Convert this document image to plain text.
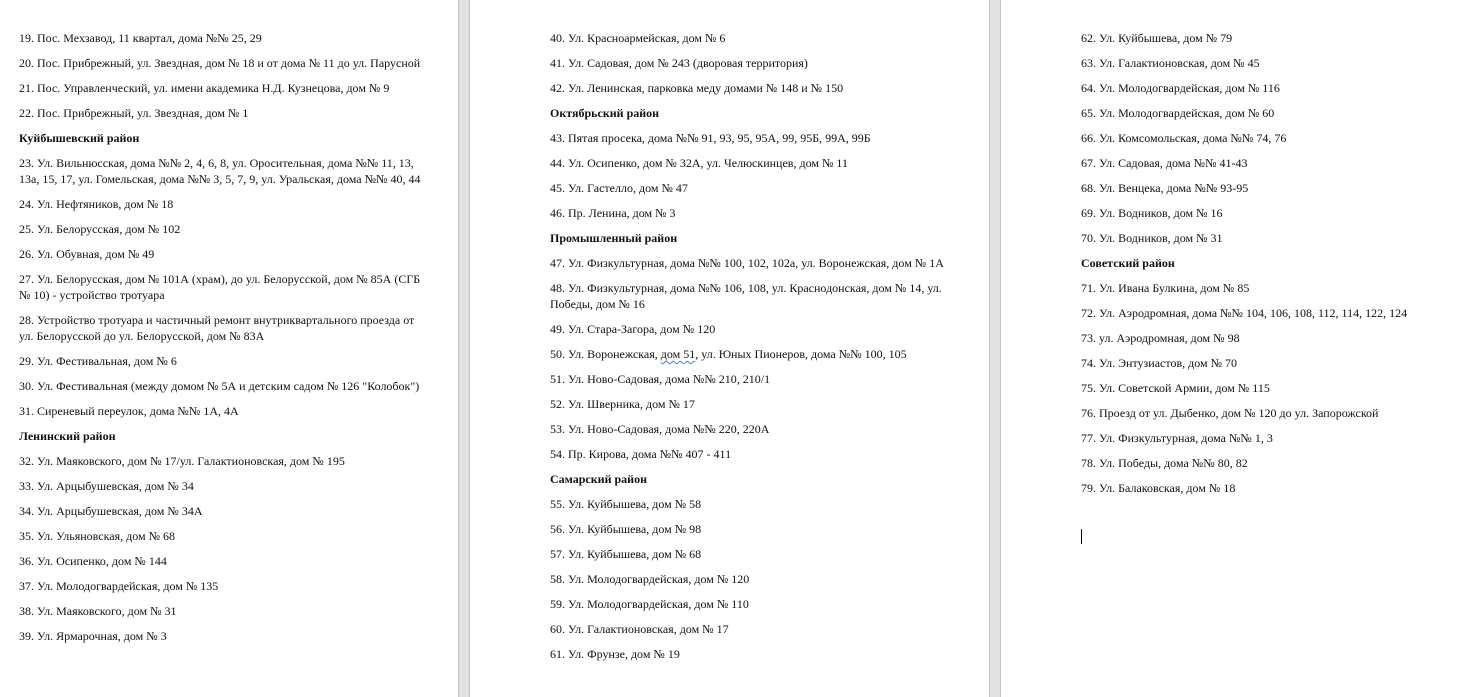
19. Пос. Мехзавод, 11 квартал, дома №№ 25, 29

20. Пос. Прибрежный, ул. Звездная, дом № 18 и от дома № 11 до ул. Парусной

21. Пос. Управленческий, ул. имени академика Н.Д. Кузнецова, дом № 9

22. Пос. Прибрежный, ул. Звездная, дом № 1

Куйбышевский район

23. Ул. Вильнюсская, дома №№ 2, 4, 6, 8, ул. Оросительная, дома №№ 11, 13, 13а, 15, 17, ул. Гомельская, дома №№ 3, 5, 7, 9, ул. Уральская, дома №№ 40, 44

24. Ул. Нефтяников, дом № 18

25. Ул. Белорусская, дом № 102

26. Ул. Обувная, дом № 49

27. Ул. Белорусская, дом № 101А (храм), до ул. Белорусской, дом № 85А (СГБ № 10) - устройство тротуара

28. Устройство тротуара и частичный ремонт внутриквартального проезда от ул. Белорусской до ул. Белорусской, дом № 83А

29. Ул. Фестивальная, дом № 6

30. Ул. Фестивальная (между домом № 5А и детским садом № 126 "Колобок")

31. Сиреневый переулок, дома №№ 1А, 4А

Ленинский район

32. Ул. Маяковского, дом № 17/ул. Галактионовская, дом № 195

33. Ул. Арцыбушевская, дом № 34

34. Ул. Арцыбушевская, дом № 34А

35. Ул. Ульяновская, дом № 68

36. Ул. Осипенко, дом № 144

37. Ул. Молодогвардейская, дом № 135

38. Ул. Маяковского, дом № 31

39. Ул. Ярмарочная, дом № 3

40. Ул. Красноармейская, дом № 6

41. Ул. Садовая, дом № 243 (дворовая территория)

42. Ул. Ленинская, парковка меду домами № 148 и № 150

Октябрьский район

43. Пятая просека, дома №№ 91, 93, 95, 95А, 99, 95Б, 99А, 99Б

44. Ул. Осипенко, дом № 32А, ул. Челюскинцев, дом № 11

45. Ул. Гастелло, дом № 47

46. Пр. Ленина, дом № 3

Промышленный район

47. Ул. Физкультурная, дома №№ 100, 102, 102а, ул. Воронежская, дом № 1А

48. Ул. Физкультурная, дома №№ 106, 108, ул. Краснодонская, дом № 14, ул. Победы, дом № 16

49. Ул. Стара-Загора, дом № 120

50. Ул. Воронежская, дом 51, ул. Юных Пионеров, дома №№ 100, 105

51. Ул. Ново-Садовая, дома №№ 210, 210/1

52. Ул. Шверника, дом № 17

53. Ул. Ново-Садовая, дома №№ 220, 220А

54. Пр. Кирова, дома №№ 407 - 411

Самарский район

55. Ул. Куйбышева, дом № 58

56. Ул. Куйбышева, дом № 98

57. Ул. Куйбышева, дом № 68

58. Ул. Молодогвардейская, дом № 120

59. Ул. Молодогвардейская, дом № 110

60. Ул. Галактионовская, дом № 17

61. Ул. Фрунзе, дом № 19

62. Ул. Куйбышева, дом № 79

63. Ул. Галактионовская, дом № 45

64. Ул. Молодогвардейская, дом № 116

65. Ул. Молодогвардейская, дом № 60

66. Ул. Комсомольская, дома №№ 74, 76

67. Ул. Садовая, дома №№ 41-43

68. Ул. Венцека, дома №№ 93-95

69. Ул. Водников, дом № 16

70. Ул. Водников, дом № 31

Советский район

71. Ул. Ивана Булкина, дом № 85

72. Ул. Аэродромная, дома №№ 104, 106, 108, 112, 114, 122, 124

73. ул. Аэродромная, дом № 98

74. Ул. Энтузиастов, дом № 70

75. Ул. Советской Армии, дом № 115

76. Проезд от ул. Дыбенко, дом № 120 до ул. Запорожской

77. Ул. Физкультурная, дома №№ 1, 3

78. Ул. Победы, дома №№ 80, 82

79. Ул. Балаковская, дом № 18
